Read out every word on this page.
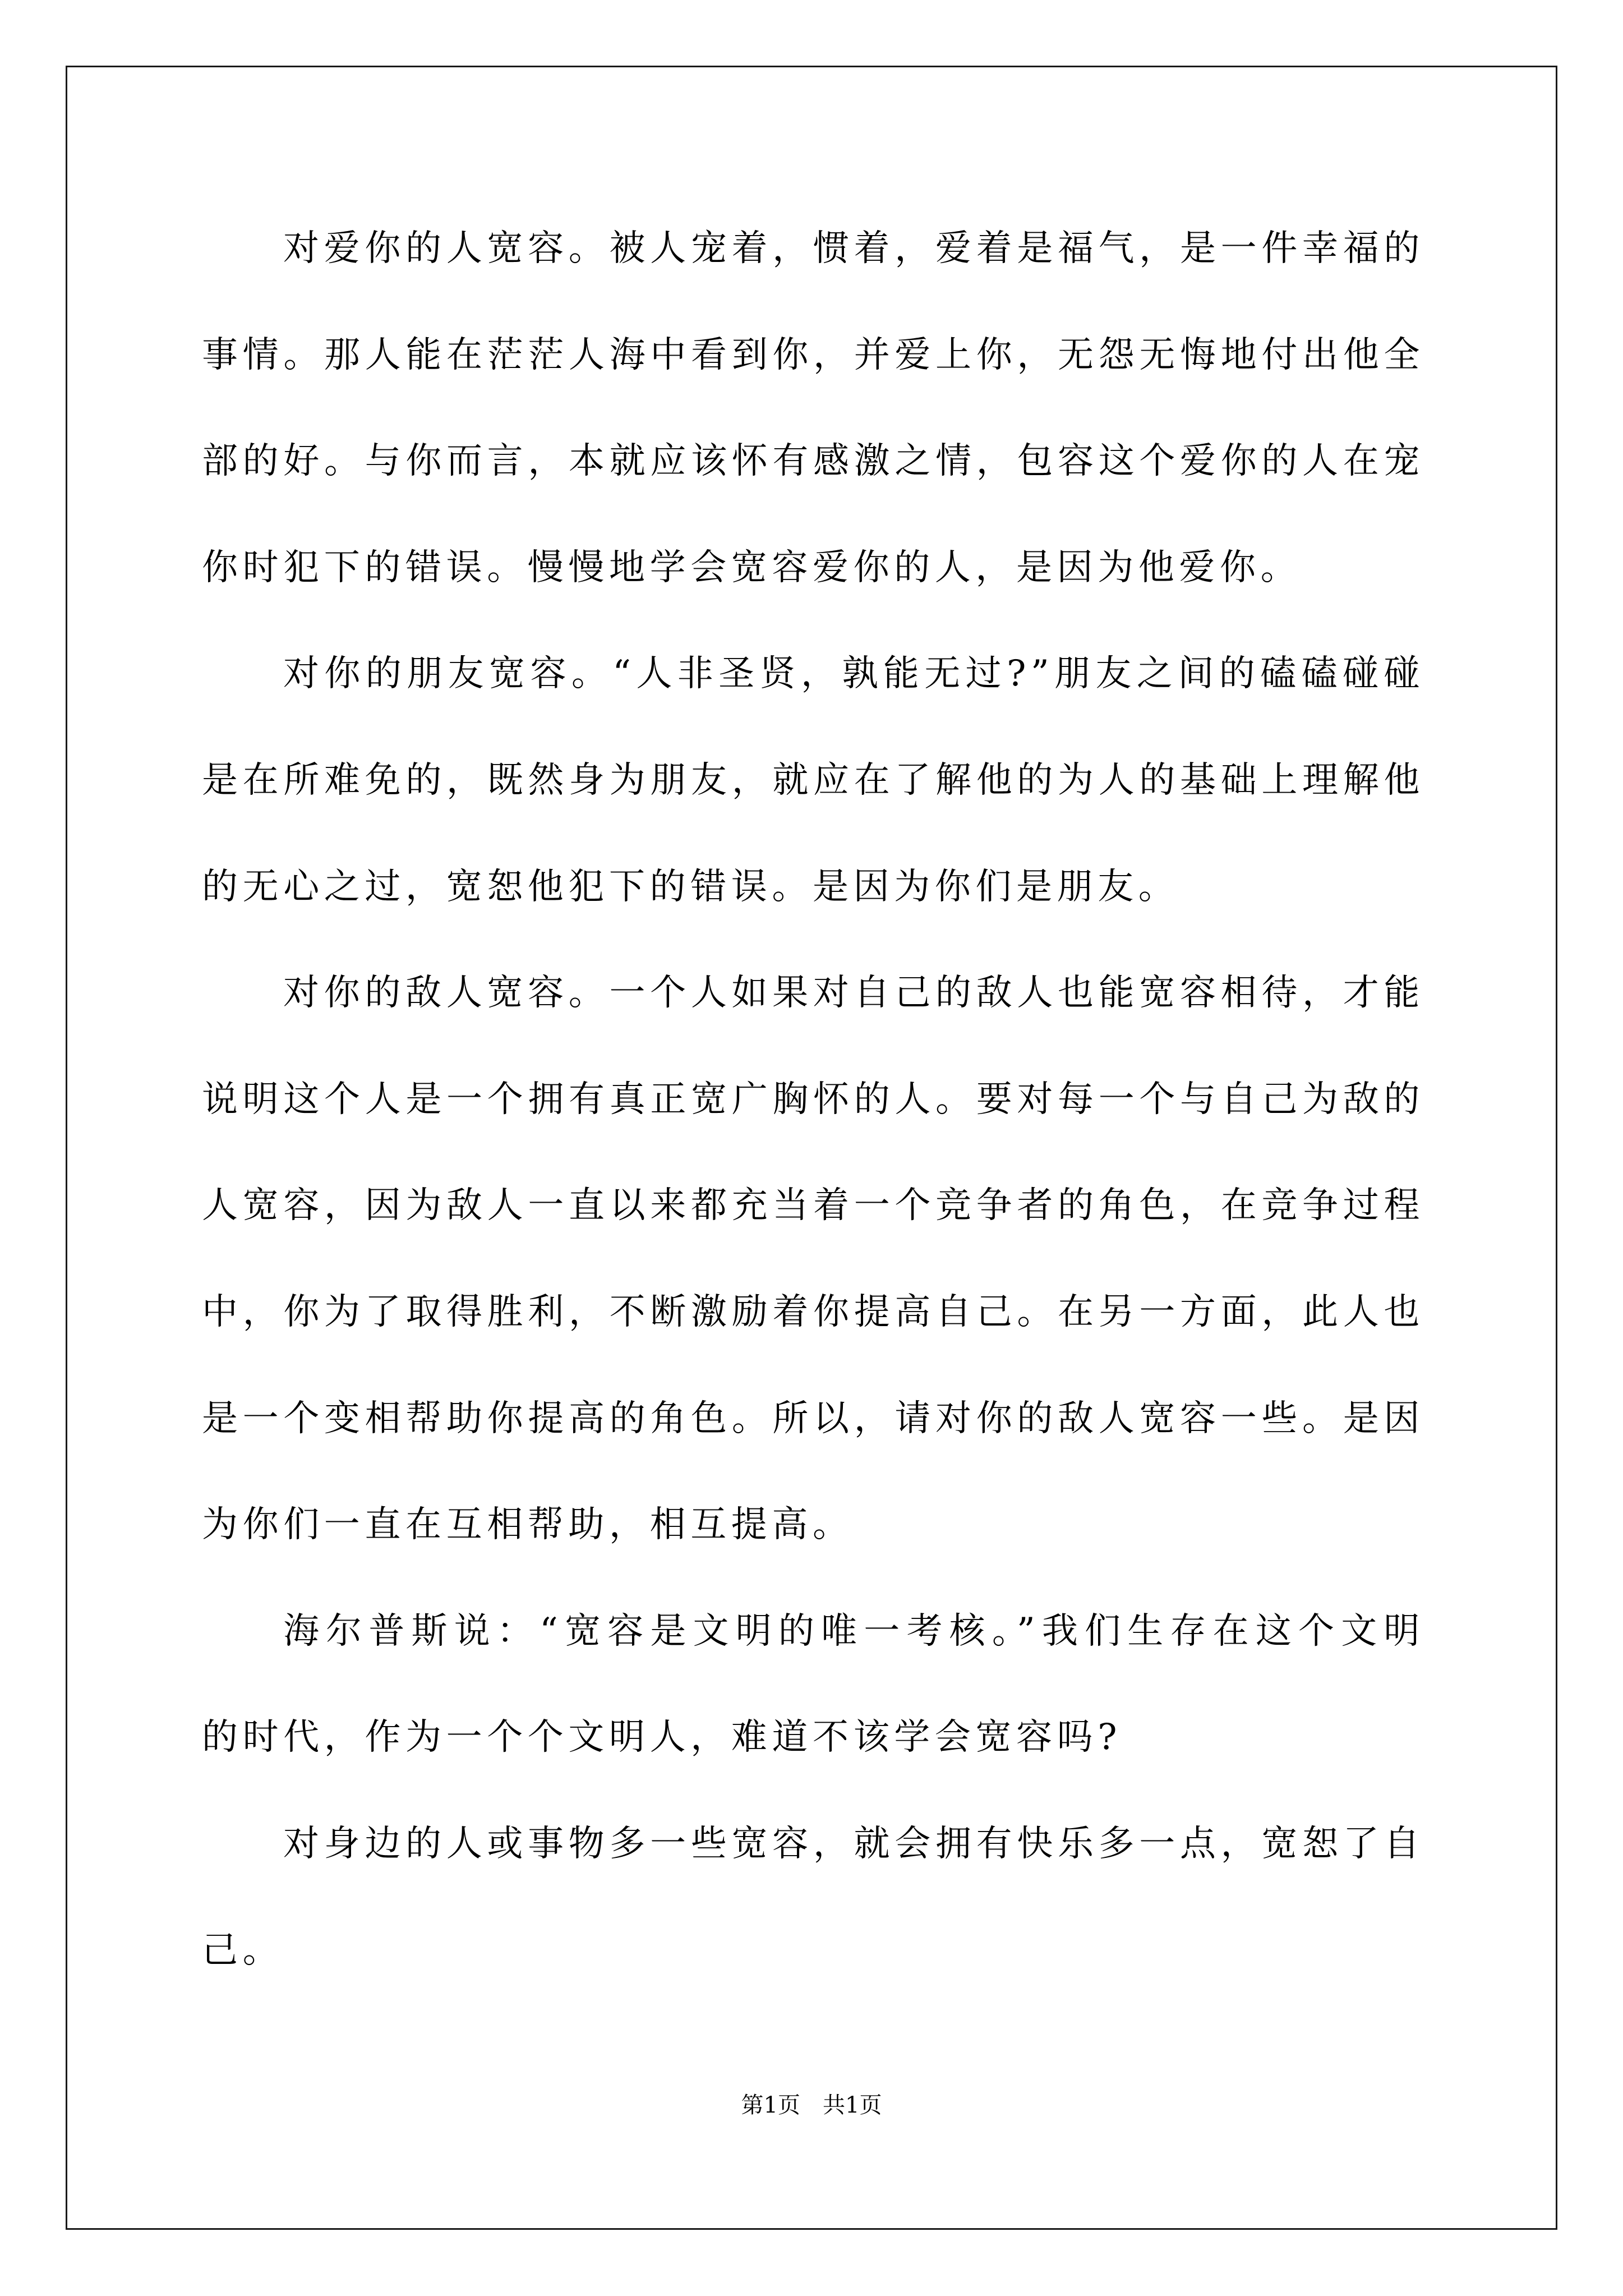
对爱你的人宽容。被人宠着，惯着，爱着是福气，是一件幸福的
事情。那人能在茫茫人海中看到你，并爱上你，无怨无悔地付出他全
部的好。与你而言，本就应该怀有感激之情，包容这个爱你的人在宠
你时犯下的错误。慢慢地学会宽容爱你的人，是因为他爱你。
对你的朋友宽容。“人非圣贤，孰能无过?”朋友之间的磕磕碰碰
是在所难免的，既然身为朋友，就应在了解他的为人的基础上理解他
的无心之过，宽恕他犯下的错误。是因为你们是朋友。
对你的敌人宽容。一个人如果对自己的敌人也能宽容相待，才能
说明这个人是一个拥有真正宽广胸怀的人。要对每一个与自己为敌的
人宽容，因为敌人一直以来都充当着一个竞争者的角色，在竞争过程
中，你为了取得胜利，不断激励着你提高自己。在另一方面，此人也
是一个变相帮助你提高的角色。所以，请对你的敌人宽容一些。是因
为你们一直在互相帮助，相互提高。
海尔普斯说：“宽容是文明的唯一考核。”我们生存在这个文明
的时代，作为一个个文明人，难道不该学会宽容吗?
对身边的人或事物多一些宽容，就会拥有快乐多一点，宽恕了自
己。
第1页　共1页
